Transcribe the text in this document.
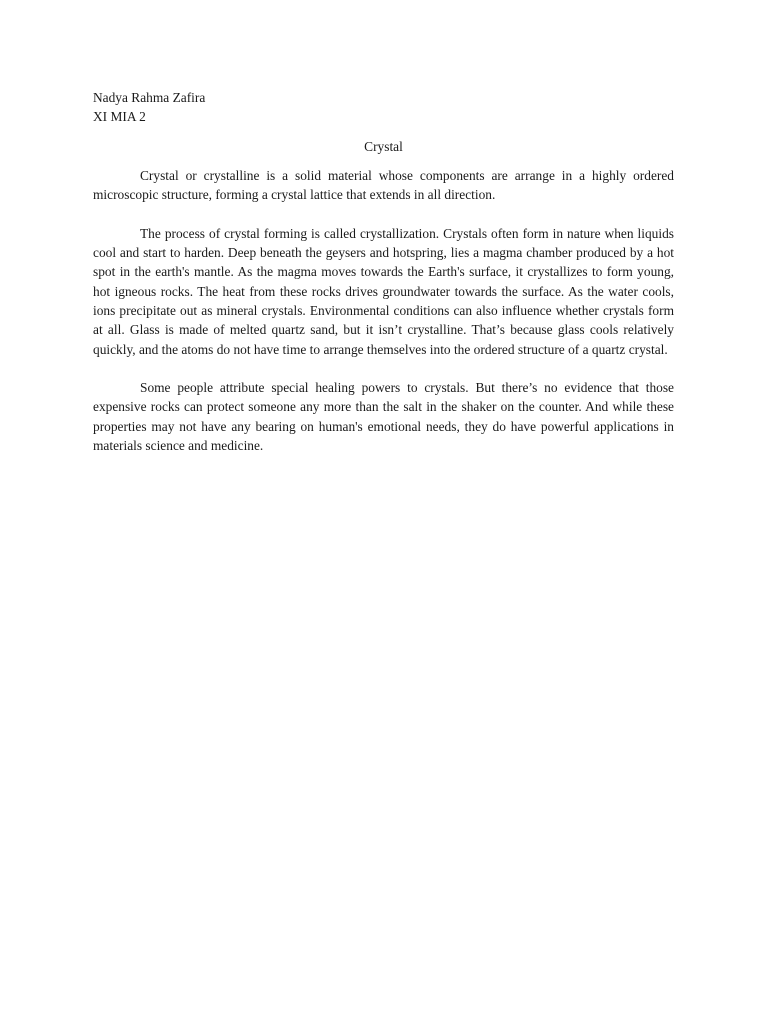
Nadya Rahma Zafira
XI MIA 2
Crystal

Crystal or crystalline is a solid material whose components are arrange in a highly ordered microscopic structure, forming a crystal lattice that extends in all direction.

The process of crystal forming is called crystallization. Crystals often form in nature when liquids cool and start to harden. Deep beneath the geysers and hotspring, lies a magma chamber produced by a hot spot in the earth's mantle. As the magma moves towards the Earth's surface, it crystallizes to form young, hot igneous rocks. The heat from these rocks drives groundwater towards the surface. As the water cools, ions precipitate out as mineral crystals. Environmental conditions can also influence whether crystals form at all. Glass is made of melted quartz sand, but it isn’t crystalline. That’s because glass cools relatively quickly, and the atoms do not have time to arrange themselves into the ordered structure of a quartz crystal.

Some people attribute special healing powers to crystals. But there’s no evidence that those expensive rocks can protect someone any more than the salt in the shaker on the counter. And while these properties may not have any bearing on human's emotional needs, they do have powerful applications in materials science and medicine.
